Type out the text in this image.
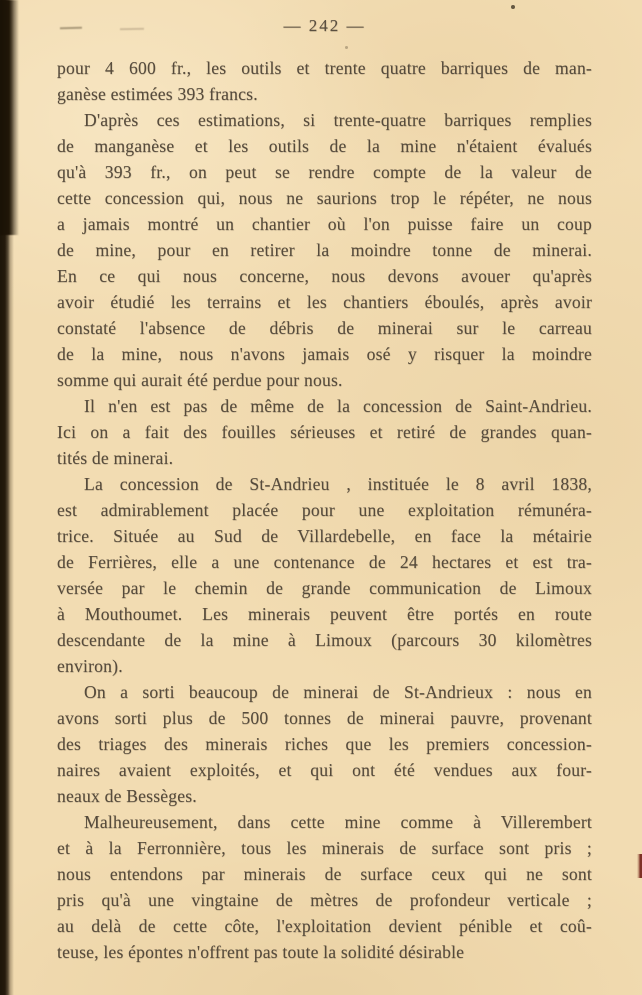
— 242 —
pour 4 600 fr., les outils et trente quatre barriques de man-
ganèse estimées 393 francs.
D'après ces estimations, si trente-quatre barriques remplies
de manganèse et les outils de la mine n'étaient évalués
qu'à 393 fr., on peut se rendre compte de la valeur de
cette concession qui, nous ne saurions trop le répéter, ne nous
a jamais montré un chantier où l'on puisse faire un coup
de mine, pour en retirer la moindre tonne de minerai.
En ce qui nous concerne, nous devons avouer qu'après
avoir étudié les terrains et les chantiers éboulés, après avoir
constaté l'absence de débris de minerai sur le carreau
de la mine, nous n'avons jamais osé y risquer la moindre
somme qui aurait été perdue pour nous.
Il n'en est pas de même de la concession de Saint-Andrieu.
Ici on a fait des fouilles sérieuses et retiré de grandes quan-
tités de minerai.
La concession de St-Andrieu , instituée le 8 avril 1838,
est admirablement placée pour une exploitation rémunéra-
trice. Située au Sud de Villardebelle, en face la métairie
de Ferrières, elle a une contenance de 24 hectares et est tra-
versée par le chemin de grande communication de Limoux
à Mouthoumet. Les minerais peuvent être portés en route
descendante de la mine à Limoux (parcours 30 kilomètres
environ).
On a sorti beaucoup de minerai de St-Andrieux : nous en
avons sorti plus de 500 tonnes de minerai pauvre, provenant
des triages des minerais riches que les premiers concession-
naires avaient exploités, et qui ont été vendues aux four-
neaux de Bessèges.
Malheureusement, dans cette mine comme à Villerembert
et à la Ferronnière, tous les minerais de surface sont pris ;
nous entendons par minerais de surface ceux qui ne sont
pris qu'à une vingtaine de mètres de profondeur verticale ;
au delà de cette côte, l'exploitation devient pénible et coû-
teuse, les épontes n'offrent pas toute la solidité désirable
